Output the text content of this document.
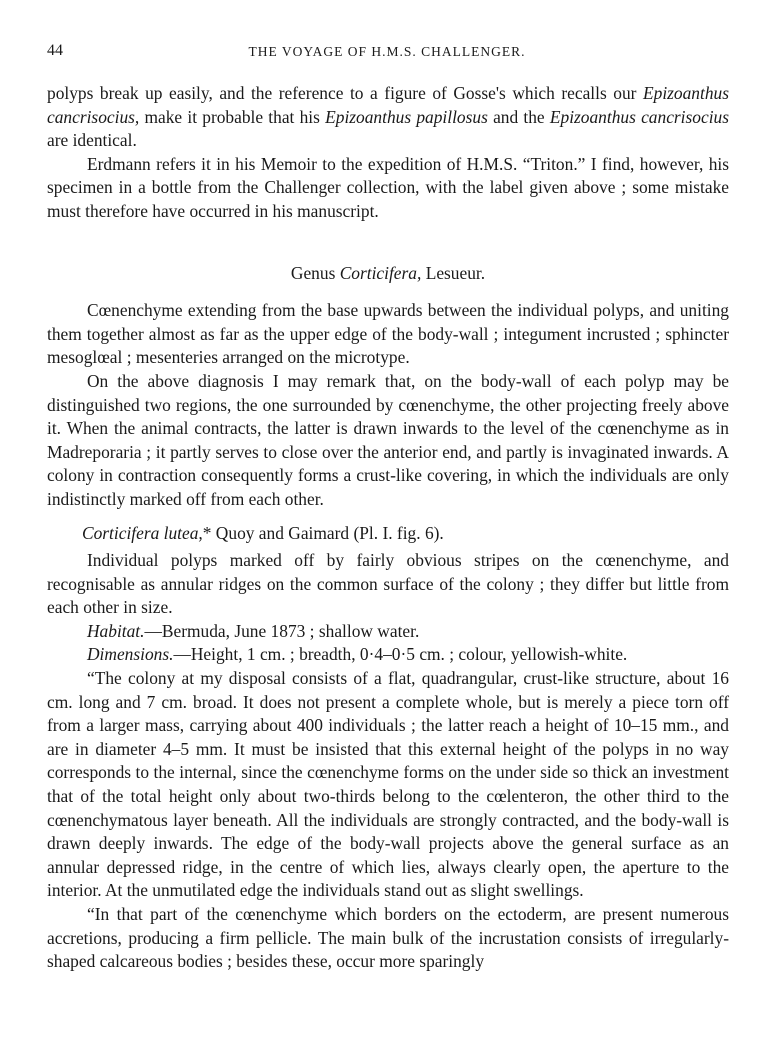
44	THE VOYAGE OF H.M.S. CHALLENGER.

polyps break up easily, and the reference to a figure of Gosse's which recalls our Epizoanthus cancrisocius, make it probable that his Epizoanthus papillosus and the Epizoanthus cancrisocius are identical.

Erdmann refers it in his Memoir to the expedition of H.M.S. “Triton.” I find, however, his specimen in a bottle from the Challenger collection, with the label given above ; some mistake must therefore have occurred in his manuscript.

Genus Corticifera, Lesueur.

Cœnenchyme extending from the base upwards between the individual polyps, and uniting them together almost as far as the upper edge of the body-wall ; integument incrusted ; sphincter mesoglœal ; mesenteries arranged on the microtype.

On the above diagnosis I may remark that, on the body-wall of each polyp may be distinguished two regions, the one surrounded by cœnenchyme, the other projecting freely above it. When the animal contracts, the latter is drawn inwards to the level of the cœnenchyme as in Madreporaria ; it partly serves to close over the anterior end, and partly is invaginated inwards. A colony in contraction consequently forms a crust-like covering, in which the individuals are only indistinctly marked off from each other.

Corticifera lutea,* Quoy and Gaimard (Pl. I. fig. 6).

Individual polyps marked off by fairly obvious stripes on the cœnenchyme, and recognisable as annular ridges on the common surface of the colony ; they differ but little from each other in size.

Habitat.—Bermuda, June 1873 ; shallow water.

Dimensions.—Height, 1 cm. ; breadth, 0·4–0·5 cm. ; colour, yellowish-white.

“The colony at my disposal consists of a flat, quadrangular, crust-like structure, about 16 cm. long and 7 cm. broad. It does not present a complete whole, but is merely a piece torn off from a larger mass, carrying about 400 individuals ; the latter reach a height of 10–15 mm., and are in diameter 4–5 mm. It must be insisted that this external height of the polyps in no way corresponds to the internal, since the cœnenchyme forms on the under side so thick an investment that of the total height only about two-thirds belong to the cœlenteron, the other third to the cœnenchymatous layer beneath. All the individuals are strongly contracted, and the body-wall is drawn deeply inwards. The edge of the body-wall projects above the general surface as an annular depressed ridge, in the centre of which lies, always clearly open, the aperture to the interior. At the unmutilated edge the individuals stand out as slight swellings.

“In that part of the cœnenchyme which borders on the ectoderm, are present numerous accretions, producing a firm pellicle. The main bulk of the incrustation consists of irregularly-shaped calcareous bodies ; besides these, occur more sparingly
